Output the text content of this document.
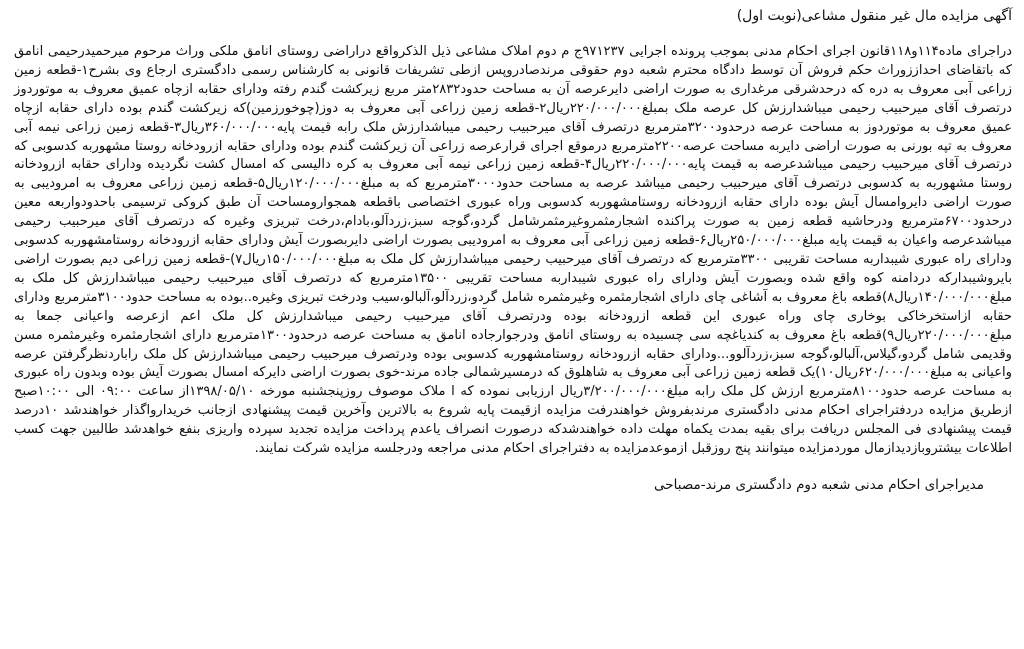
آگهی مزایده مال غیر منقول مشاعی(نوبت اول)

دراجرای ماده۱۱۴و۱۱۸قانون اجرای احکام مدنی بموجب پرونده اجرایی ۹۷۱۲۳۷ج م دوم املاک مشاعی ذیل الذکرواقع دراراضی روستای انامق ملکی وراث مرحوم میرحمیدرحیمی انامق که باتقاضای احداززوراث حکم فروش آن توسط دادگاه محترم شعبه دوم حقوقی مرندصادروپس ازطی تشریفات قانونی به کارشناس رسمی دادگستری ارجاع وی بشرح۱-قطعه زمین زراعی آبی معروف به دره که درحدشرقی مرغداری به صورت اراضی دایرعرصه آن به مساحت حدود۲۸۳۲متر مربع زیرکشت گندم رفته ودارای حقابه ازچاه عمیق معروف به موتوردوز درتصرف آقای میرحبیب رحیمی میباشدارزش کل عرصه ملک بمبلغ۲۲۰/۰۰۰/۰۰۰ریال۲-قطعه زمین زراعی آبی معروف به دوز(چوخورزمین)که زیرکشت گندم بوده دارای حقابه ازچاه عمیق معروف به موتوردوز به مساحت عرصه درحدود۳۲۰۰مترمربع درتصرف آقای میرحبیب رحیمی میباشدارزش ملک رابه قیمت پایه۳۶۰/۰۰۰/۰۰۰ریال۳-قطعه زمین زراعی نیمه آبی معروف به تپه بورنی به صورت اراضی دایربه مساحت عرصه۲۲۰۰مترمربع درموقع اجرای قرارعرصه زراعی آن زیرکشت گندم بوده ودارای حقابه ازرودخانه روستا مشهوربه کدسوبی که درتصرف آقای میرحبیب رحیمی میباشدعرصه به قیمت پایه۲۲۰/۰۰۰/۰۰۰ریال۴-قطعه زمین زراعی نیمه آبی معروف به کره دالیسی که امسال کشت نگردیده ودارای حقابه ازرودخانه روستا مشهوربه به کدسوبی درتصرف آقای میرحبیب رحیمی میباشد عرصه به مساحت حدود۳۰۰۰مترمربع که به مبلغ۱۲۰/۰۰۰/۰۰۰ریال۵-قطعه زمین زراعی معروف به امرودیبی به صورت اراضی دایروامسال آیش بوده دارای حقابه ازرودخانه روستامشهوربه کدسوبی وراه عبوری اختصاصی باقطعه همجوارومساحت آن طبق کروکی ترسیمی باحدودواربعه معین درحدود۶۷۰۰مترمربع ودرحاشیه قطعه زمین به صورت پراکنده اشجارمثمروغیرمثمرشامل گردو،گوجه سبز،زردآلو،بادام،درخت تبریزی وغیره که درتصرف آقای میرحبیب رحیمی میباشدعرصه واعیان به قیمت پایه مبلغ۲۵۰/۰۰۰/۰۰۰ریال۶-قطعه زمین زراعی آبی معروف به امرودیبی بصورت اراضی دایربصورت آیش ودارای حقابه ازرودخانه روستامشهوربه کدسوبی ودارای راه عبوری شیبداربه مساحت تقریبی ۳۳۰۰مترمربع که درتصرف آقای میرحبیب رحیمی میباشدارزش کل ملک به مبلغ۱۵۰/۰۰۰/۰۰۰ریال۷)-قطعه زمین زراعی دیم بصورت اراضی بایروشیبدارکه دردامنه کوه واقع شده وبصورت آیش ودارای راه عبوری شیبداربه مساحت تقریبی ۱۳۵۰۰مترمربع که درتصرف آقای میرحبیب رحیمی میباشدارزش کل ملک به مبلغ۱۴۰/۰۰۰/۰۰۰ریال۸)قطعه باغ معروف به آشاغی چای دارای اشجارمثمره وغیرمثمره شامل گردو،زردآلو،آلبالو،سیب ودرخت تبریزی وغیره..بوده به مساحت حدود۳۱۰۰مترمربع ودارای حقابه ازاستخرخاکی بوخاری چای وراه عبوری این قطعه ازرودخانه بوده ودرتصرف آقای میرحبیب رحیمی میباشدارزش کل ملک اعم ازعرصه واعیانی جمعا به مبلغ۲۲۰/۰۰۰/۰۰۰ریال۹)قطعه باغ معروف به کندیاغچه سی چسبیده به روستای انامق ودرجوارجاده انامق به مساحت عرصه درحدود۱۳۰۰مترمربع دارای اشجارمثمره وغیرمثمره مسن وقدیمی شامل گردو،گیلاس،آلبالو،گوجه سبز،زردآلوو...ودارای حقابه ازرودخانه روستامشهوربه کدسوبی بوده ودرتصرف میرحبیب رحیمی میباشدارزش کل ملک راباردنظرگرفتن عرصه واعیانی به مبلغ۶۲۰/۰۰۰/۰۰۰ریال۱۰)یک قطعه زمین زراعی آبی معروف به شاهلوق که درمسیرشمالی جاده مرند-خوی بصورت اراضی دایرکه امسال بصورت آیش بوده وبدون راه عبوری به مساحت عرصه حدود۸۱۰۰مترمربع ارزش کل ملک رابه مبلغ۳/۲۰۰/۰۰۰/۰۰۰ریال ارزیابی نموده که ا ملاک موصوف روزپنجشنبه مورخه ۱۳۹۸/۰۵/۱۰از ساعت ۰۹:۰۰ الی ۱۰:۰۰صبح ازطریق مزایده دردفتراجرای احکام مدنی دادگستری مرندبفروش خواهندرفت مزایده ازقیمت پایه شروع به بالاترین وآخرین قیمت پیشنهادی ازجانب خریدارواگذار خواهندشد ۱۰درصد قیمت پیشنهادی فی المجلس دریافت برای بقیه بمدت یکماه مهلت داده خواهندشدکه درصورت انصراف یاعدم پرداخت مزایده تجدید سپرده واریزی بنفع خواهدشد طالبین جهت کسب اطلاعات بیشتروبازدیدازمال موردمزایده میتوانند پنج روزقبل ازموعدمزایده به دفتراجرای احکام مدنی مراجعه ودرجلسه مزایده شرکت نمایند.

مدیراجرای احکام مدنی شعبه دوم دادگستری مرند-مصباحی
